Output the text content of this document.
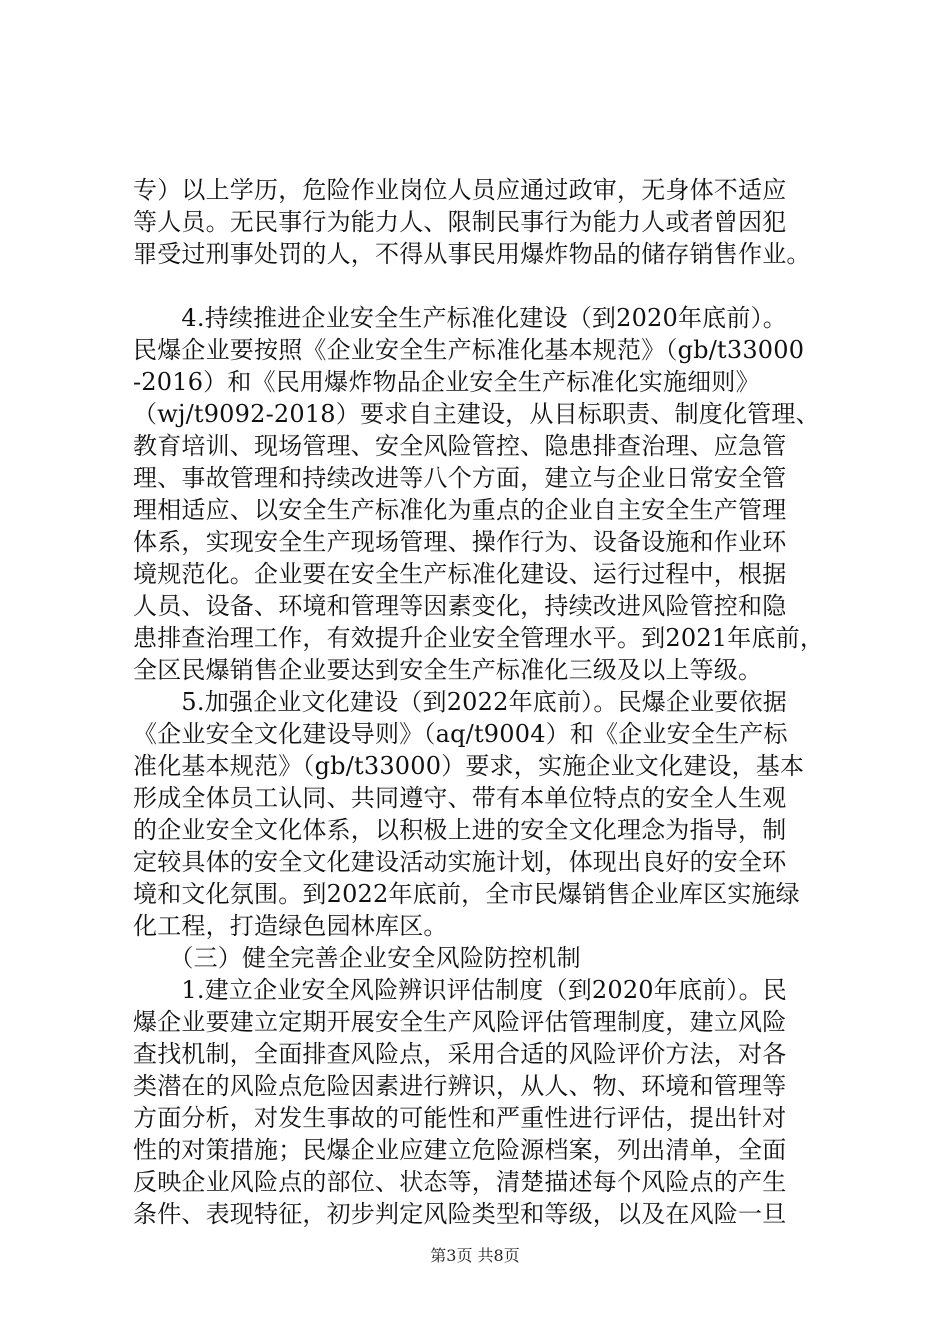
专）以上学历，危险作业岗位人员应通过政审，无身体不适应
等人员。无民事行为能力人、限制民事行为能力人或者曾因犯
罪受过刑事处罚的人，不得从事民用爆炸物品的储存销售作业。
　　4.持续推进企业安全生产标准化建设（到2020年底前）。
民爆企业要按照《企业安全生产标准化基本规范》（gb/t33000
-2016）和《民用爆炸物品企业安全生产标准化实施细则》
（wj/t9092-2018）要求自主建设，从目标职责、制度化管理、
教育培训、现场管理、安全风险管控、隐患排查治理、应急管
理、事故管理和持续改进等八个方面，建立与企业日常安全管
理相适应、以安全生产标准化为重点的企业自主安全生产管理
体系，实现安全生产现场管理、操作行为、设备设施和作业环
境规范化。企业要在安全生产标准化建设、运行过程中，根据
人员、设备、环境和管理等因素变化，持续改进风险管控和隐
患排查治理工作，有效提升企业安全管理水平。到2021年底前，
全区民爆销售企业要达到安全生产标准化三级及以上等级。
　　5.加强企业文化建设（到2022年底前）。民爆企业要依据
《企业安全文化建设导则》（aq/t9004）和《企业安全生产标
准化基本规范》（gb/t33000）要求，实施企业文化建设，基本
形成全体员工认同、共同遵守、带有本单位特点的安全人生观
的企业安全文化体系，以积极上进的安全文化理念为指导，制
定较具体的安全文化建设活动实施计划，体现出良好的安全环
境和文化氛围。到2022年底前，全市民爆销售企业库区实施绿
化工程，打造绿色园林库区。
　　（三）健全完善企业安全风险防控机制
　　1.建立企业安全风险辨识评估制度（到2020年底前）。民
爆企业要建立定期开展安全生产风险评估管理制度，建立风险
查找机制，全面排查风险点，采用合适的风险评价方法，对各
类潜在的风险点危险因素进行辨识，从人、物、环境和管理等
方面分析，对发生事故的可能性和严重性进行评估，提出针对
性的对策措施；民爆企业应建立危险源档案，列出清单，全面
反映企业风险点的部位、状态等，清楚描述每个风险点的产生
条件、表现特征，初步判定风险类型和等级，以及在风险一旦
第3页 共8页
